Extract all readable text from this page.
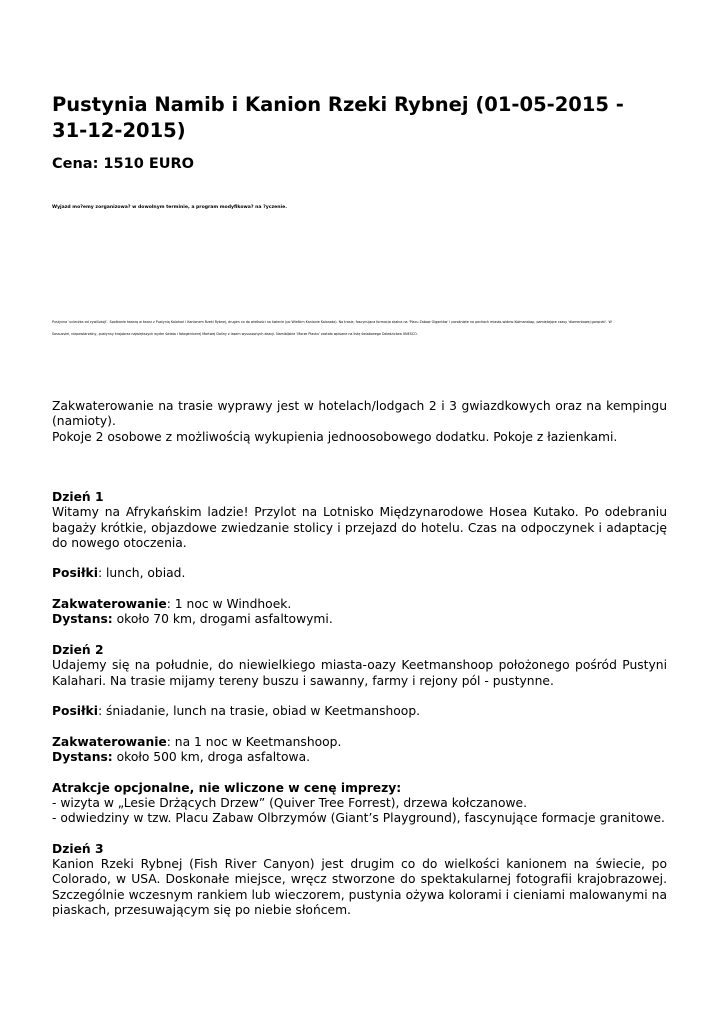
Pustynia Namib i Kanion Rzeki Rybnej (01-05-2015 - 31-12-2015)
Cena: 1510 EURO
Wyjazd mo?emy zorganizowa? w dowolnym terminie, a program modyfikowa? na ?yczenie.
Pustynna ‘uciecżka od cywilizacji’. Spotkanie twarzą w twarz z Pustynią Kalahari i Kanionem Rzeki Rybnej, drugim co do wielkości na świecie (po Wielkim Kanionie Kolorado). Na trasie, fascynująca formacja skalna na ‘Placu Zabaw Gigantów’ i porośnięte na pochach miasto-widmo Kolmanskop, pamiętające czasy ‘diamentowej gorączki’. W
Sossusvlei, niepowtarzalny, pustynny krajobraz największych wydm świata i fotogenicznej Martwej Doliny z lasem wysuszonych akacji. Namibijskie ‘Morze Piasku’ zostało wpisane na listę światowego Dziedzictwa UNESCO.

Zakwaterowanie na trasie wyprawy jest w hotelach/lodgach 2 i 3 gwiazdkowych oraz na kempingu (namioty).

Pokoje 2 osobowe z możliwością wykupienia jednoosobowego dodatku. Pokoje z łazienkami.

Dzień 1

Witamy na Afrykańskim ladzie! Przylot na Lotnisko Międzynarodowe Hosea Kutako. Po odebraniu bagaży krótkie, objazdowe zwiedzanie stolicy i przejazd do hotelu. Czas na odpoczynek i adaptację do nowego otoczenia.

Posiłki: lunch, obiad.

Zakwaterowanie: 1 noc w Windhoek.

Dystans: około 70 km, drogami asfaltowymi.

Dzień 2

Udajemy się na południe, do niewielkiego miasta-oazy Keetmanshoop położonego pośród Pustyni Kalahari. Na trasie mijamy tereny buszu i sawanny, farmy i rejony pól - pustynne.

Posiłki: śniadanie, lunch na trasie, obiad w Keetmanshoop.

Zakwaterowanie: na 1 noc w Keetmanshoop.

Dystans: około 500 km, droga asfaltowa.

Atrakcje opcjonalne, nie wliczone w cenę imprezy:

- wizyta w „Lesie Drżących Drzew” (Quiver Tree Forrest), drzewa kołczanowe.

- odwiedziny w tzw. Placu Zabaw Olbrzymów (Giant’s Playground), fascynujące formacje granitowe.

Dzień 3

Kanion Rzeki Rybnej (Fish River Canyon) jest drugim co do wielkości kanionem na świecie, po Colorado, w USA. Doskonałe miejsce, wręcz stworzone do spektakularnej fotografii krajobrazowej. Szczególnie wczesnym rankiem lub wieczorem, pustynia ożywa kolorami i cieniami malowanymi na piaskach, przesuwającym się po niebie słońcem.
